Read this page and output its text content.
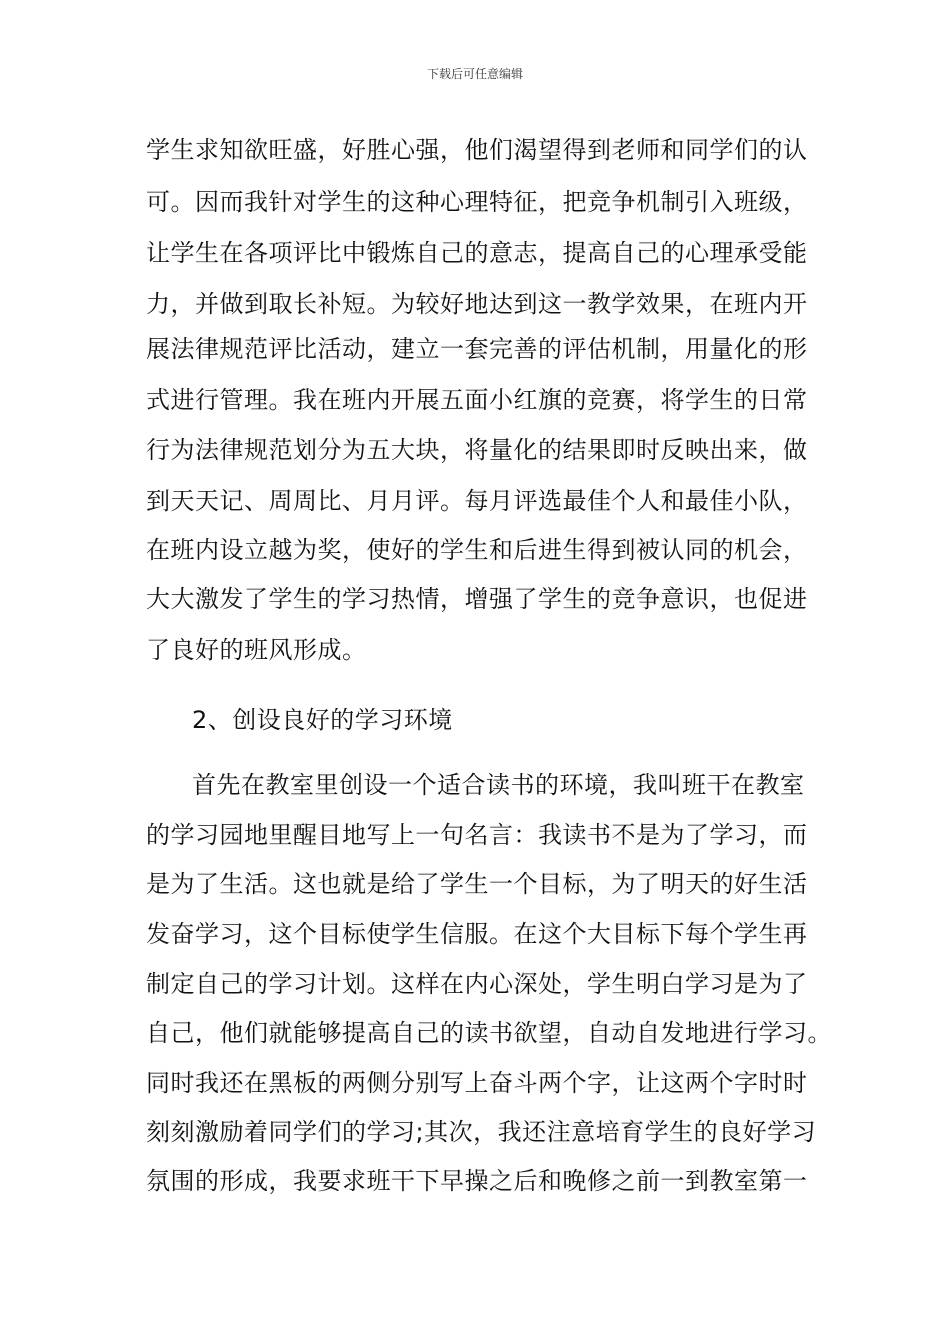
下载后可任意编辑
学生求知欲旺盛，好胜心强，他们渴望得到老师和同学们的认
可。因而我针对学生的这种心理特征，把竞争机制引入班级，
让学生在各项评比中锻炼自己的意志，提高自己的心理承受能
力，并做到取长补短。为较好地达到这一教学效果，在班内开
展法律规范评比活动，建立一套完善的评估机制，用量化的形
式进行管理。我在班内开展五面小红旗的竞赛，将学生的日常
行为法律规范划分为五大块，将量化的结果即时反映出来，做
到天天记、周周比、月月评。每月评选最佳个人和最佳小队，
在班内设立越为奖，使好的学生和后进生得到被认同的机会，
大大激发了学生的学习热情，增强了学生的竞争意识，也促进
了良好的班风形成。
2、创设良好的学习环境
首先在教室里创设一个适合读书的环境，我叫班干在教室
的学习园地里醒目地写上一句名言：我读书不是为了学习，而
是为了生活。这也就是给了学生一个目标，为了明天的好生活
发奋学习，这个目标使学生信服。在这个大目标下每个学生再
制定自己的学习计划。这样在内心深处，学生明白学习是为了
自己，他们就能够提高自己的读书欲望，自动自发地进行学习。
同时我还在黑板的两侧分别写上奋斗两个字，让这两个字时时
刻刻激励着同学们的学习;其次，我还注意培育学生的良好学习
氛围的形成，我要求班干下早操之后和晚修之前一到教室第一
